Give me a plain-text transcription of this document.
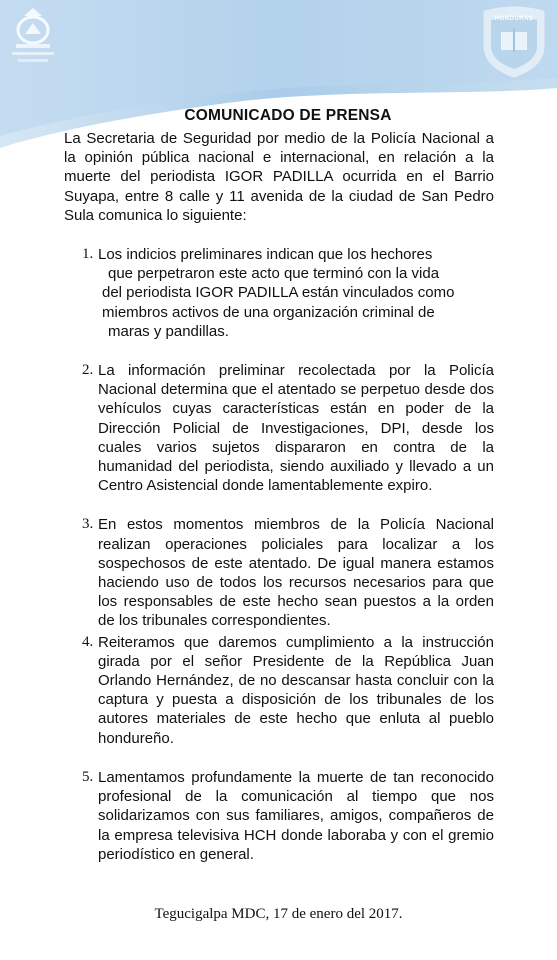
HONDURAS
COMUNICADO DE PRENSA

La Secretaria de Seguridad por medio de la Policía Nacional a la opinión pública nacional e internacional, en relación a la muerte del periodista IGOR PADILLA ocurrida en el Barrio Suyapa, entre 8 calle y 11 avenida de la ciudad de San Pedro Sula comunica lo siguiente:

1. Los indicios preliminares indican que los hechores
que perpetraron este acto que terminó con la vida
del periodista IGOR PADILLA están vinculados como
miembros activos de una organización criminal de
maras y pandillas.
2. La información preliminar recolectada por la Policía Nacional determina que el atentado se perpetuo desde dos vehículos cuyas características están en poder de la Dirección Policial de Investigaciones, DPI, desde los cuales varios sujetos dispararon en contra de la humanidad del periodista, siendo auxiliado y llevado a un Centro Asistencial donde lamentablemente expiro.
3. En estos momentos miembros de la Policía Nacional realizan operaciones policiales para localizar a los sospechosos de este atentado. De igual manera estamos haciendo uso de todos los recursos necesarios para que los responsables de este hecho sean puestos a la orden de los tribunales correspondientes.
4. Reiteramos que daremos cumplimiento a la instrucción girada por el señor Presidente de la República Juan Orlando Hernández, de no descansar hasta concluir con la captura y puesta a disposición de los tribunales de los autores materiales de este hecho que enluta al pueblo hondureño.
5. Lamentamos profundamente la muerte de tan reconocido profesional de la comunicación al tiempo que nos solidarizamos con sus familiares, amigos, compañeros de la empresa televisiva HCH donde laboraba y con el gremio periodístico en general.
Tegucigalpa MDC, 17 de enero del 2017.
